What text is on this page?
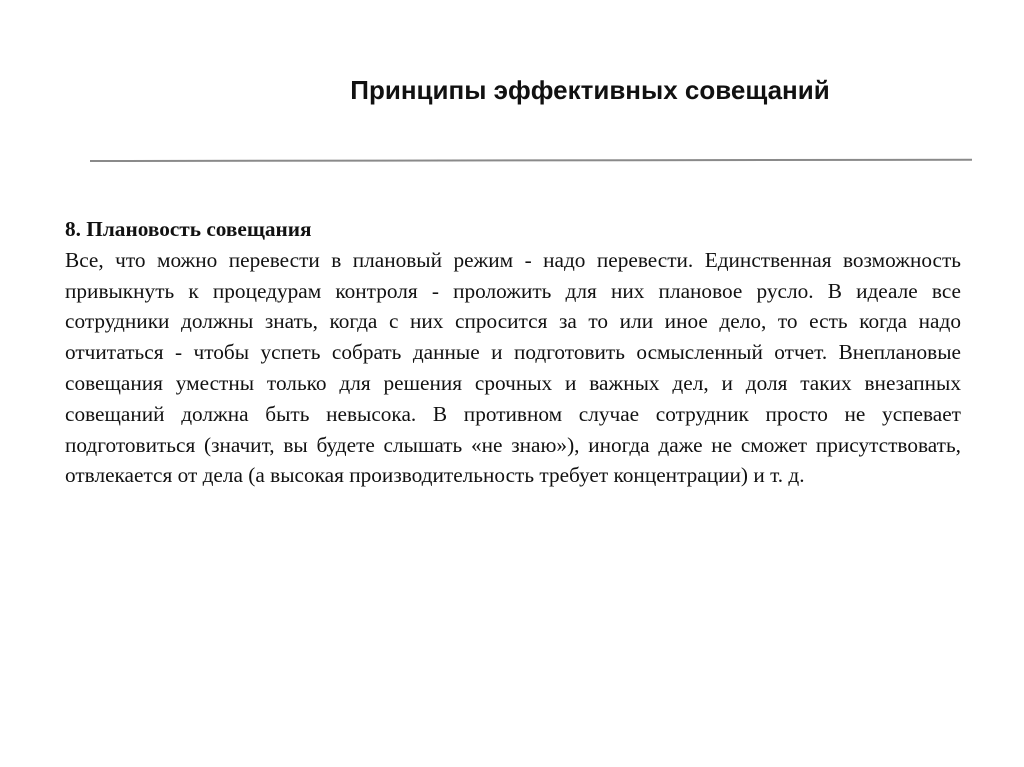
Принципы эффективных совещаний

8. Плановость совещания

Все, что можно перевести в плановый режим - надо перевести. Единственная возможность привыкнуть к процедурам контроля - проложить для них плановое русло. В идеале все сотрудники должны знать, когда с них спросится за то или иное дело, то есть когда надо отчитаться - чтобы успеть собрать данные и подготовить осмысленный отчет. Внеплановые совещания уместны только для решения срочных и важных дел, и доля таких внезапных совещаний должна быть невысока. В противном случае сотрудник просто не успевает подготовиться (значит, вы будете слышать «не знаю»), иногда даже не сможет присутствовать, отвлекается от дела (а высокая производительность требует концентрации) и т. д.
